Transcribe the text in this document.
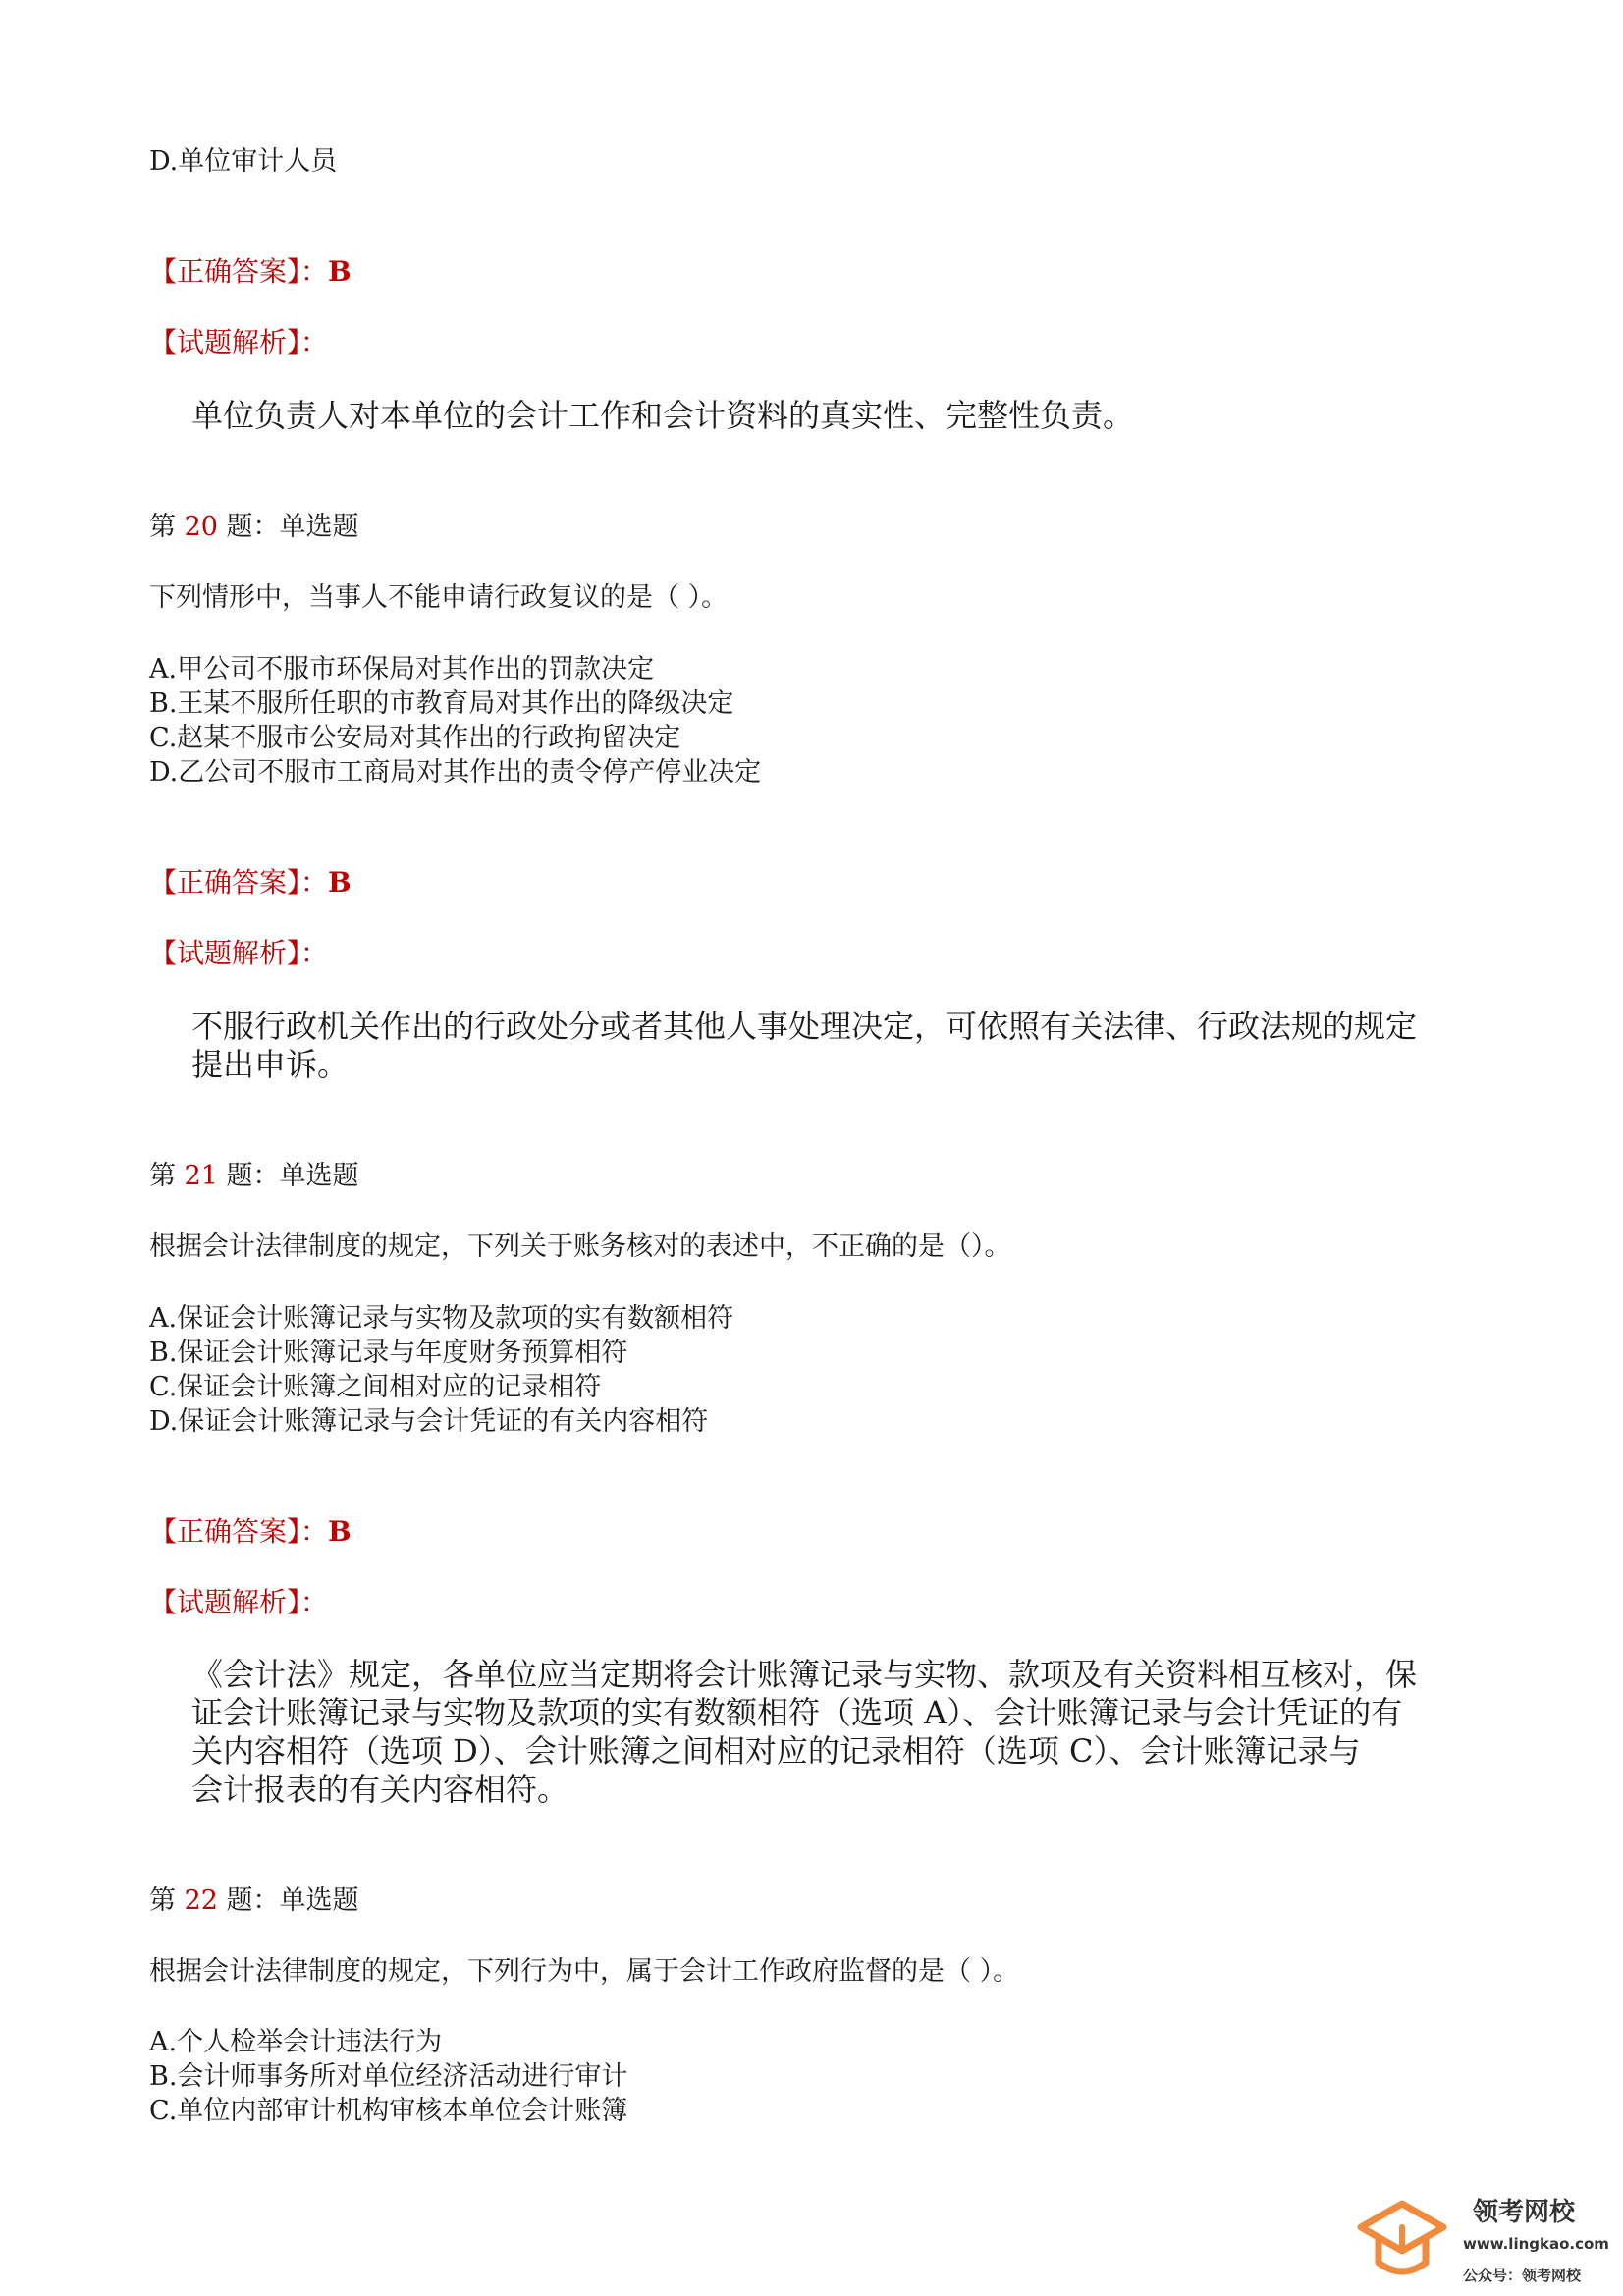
D.单位审计人员
【正确答案】：B
【试题解析】：
单位负责人对本单位的会计工作和会计资料的真实性、完整性负责。
第 20 题：单选题
下列情形中，当事人不能申请行政复议的是（ ）。
A.甲公司不服市环保局对其作出的罚款决定
B.王某不服所任职的市教育局对其作出的降级决定
C.赵某不服市公安局对其作出的行政拘留决定
D.乙公司不服市工商局对其作出的责令停产停业决定
【正确答案】：B
【试题解析】：
不服行政机关作出的行政处分或者其他人事处理决定，可依照有关法律、行政法规的规定
提出申诉。
第 21 题：单选题
根据会计法律制度的规定，下列关于账务核对的表述中，不正确的是（）。
A.保证会计账簿记录与实物及款项的实有数额相符
B.保证会计账簿记录与年度财务预算相符
C.保证会计账簿之间相对应的记录相符
D.保证会计账簿记录与会计凭证的有关内容相符
【正确答案】：B
【试题解析】：
《会计法》规定，各单位应当定期将会计账簿记录与实物、款项及有关资料相互核对，保
证会计账簿记录与实物及款项的实有数额相符（选项 A）、会计账簿记录与会计凭证的有
关内容相符（选项 D）、会计账簿之间相对应的记录相符（选项 C）、会计账簿记录与
会计报表的有关内容相符。
第 22 题：单选题
根据会计法律制度的规定，下列行为中，属于会计工作政府监督的是（ ）。
A.个人检举会计违法行为
B.会计师事务所对单位经济活动进行审计
C.单位内部审计机构审核本单位会计账簿
领考网校
www.lingkao.com
公众号：领考网校
